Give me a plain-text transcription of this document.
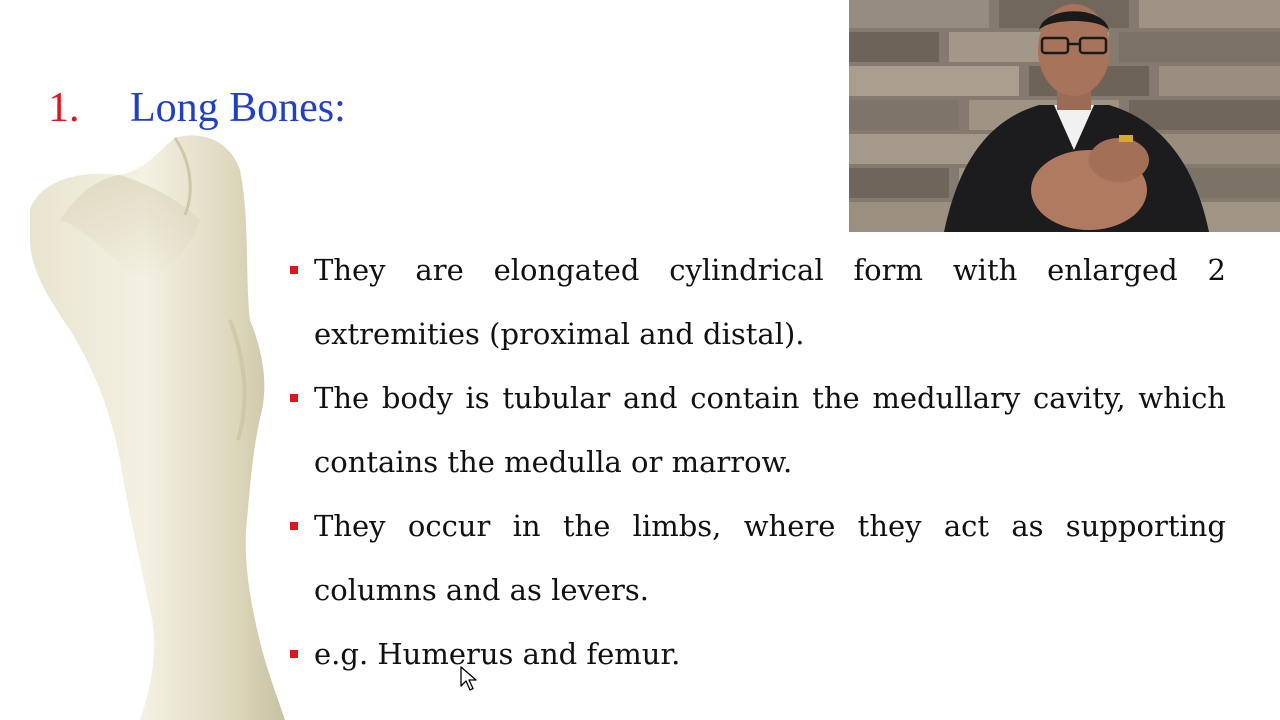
1. Long Bones:
They are elongated cylindrical form with enlarged 2 extremities (proximal and distal).
The body is tubular and contain the medullary cavity, which contains the medulla or marrow.
They occur in the limbs, where they act as supporting columns and as levers.
e.g. Humerus and femur.
